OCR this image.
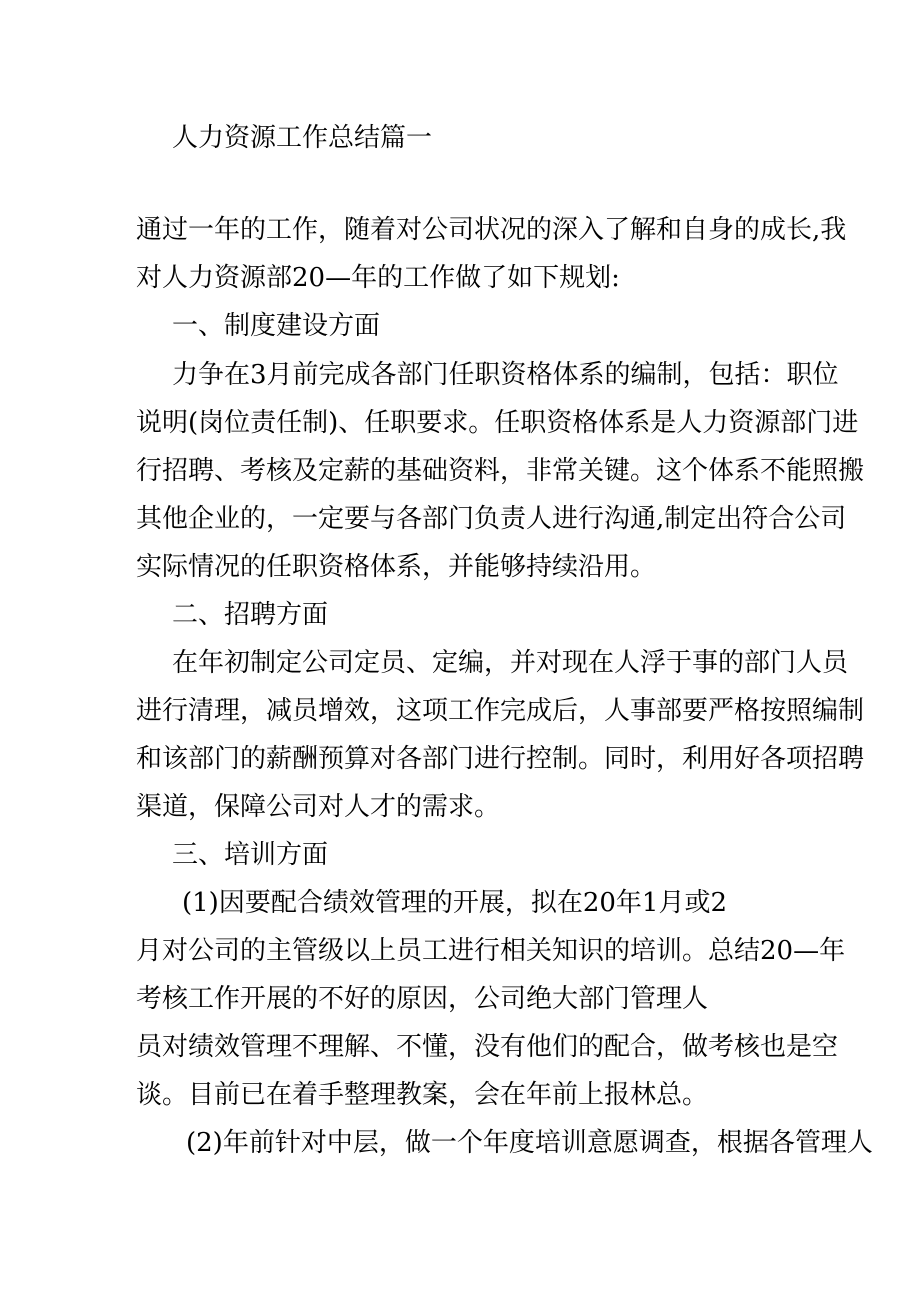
人力资源工作总结篇一
通过一年的工作，随着对公司状况的深入了解和自身的成长,我
对人力资源部20—年的工作做了如下规划:
一、制度建设方面
力争在3月前完成各部门任职资格体系的编制，包括：职位
说明(岗位责任制)、任职要求。任职资格体系是人力资源部门进
行招聘、考核及定薪的基础资料，非常关键。这个体系不能照搬
其他企业的，一定要与各部门负责人进行沟通,制定出符合公司
实际情况的任职资格体系，并能够持续沿用。
二、招聘方面
在年初制定公司定员、定编，并对现在人浮于事的部门人员
进行清理，减员增效，这项工作完成后，人事部要严格按照编制
和该部门的薪酬预算对各部门进行控制。同时，利用好各项招聘
渠道，保障公司对人才的需求。
三、培训方面
(1)因要配合绩效管理的开展，拟在20年1月或2
月对公司的主管级以上员工进行相关知识的培训。总结20—年
考核工作开展的不好的原因，公司绝大部门管理人
员对绩效管理不理解、不懂，没有他们的配合，做考核也是空
谈。目前已在着手整理教案，会在年前上报林总。
(2)年前针对中层，做一个年度培训意愿调查，根据各管理人
